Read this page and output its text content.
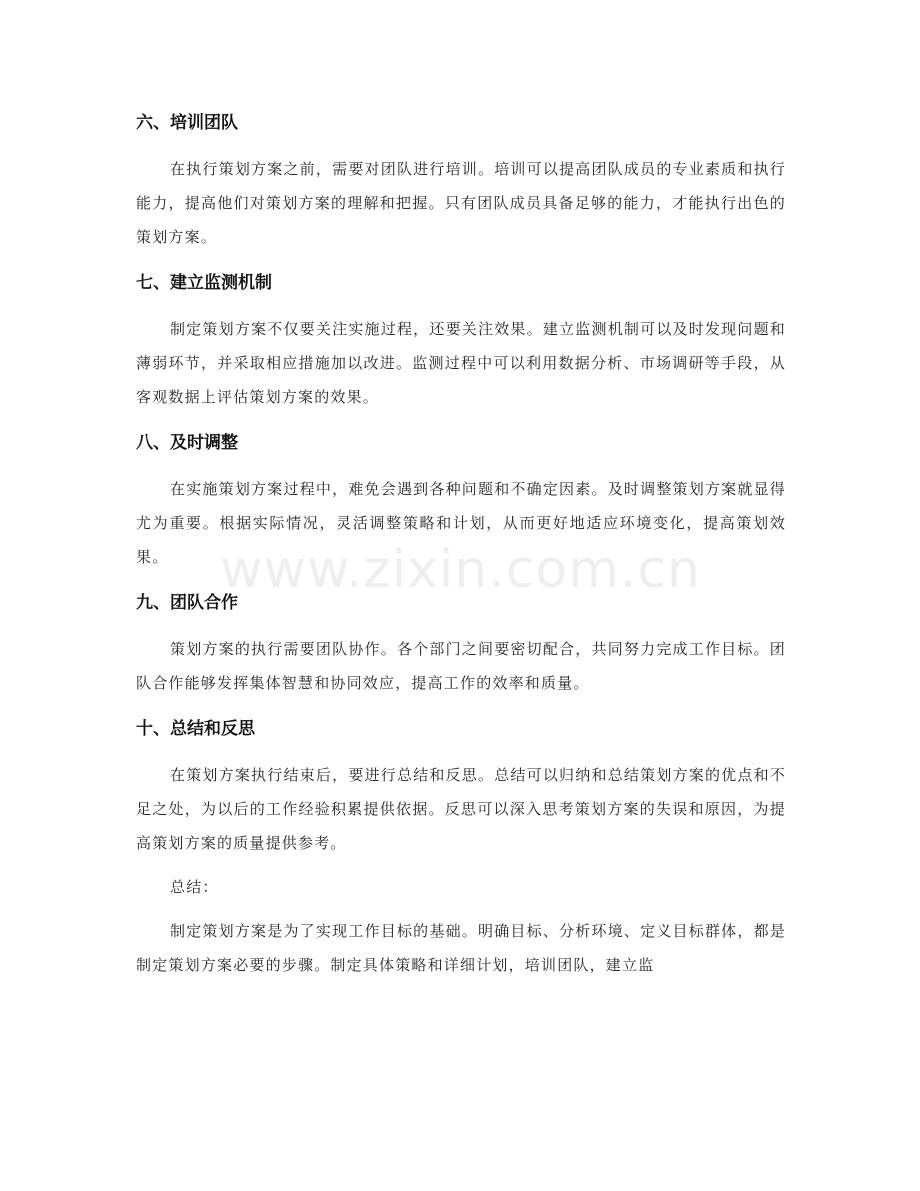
www.zixin.com.cn
六、培训团队

在执行策划方案之前，需要对团队进行培训。培训可以提高团队成员的专业素质和执行能力，提高他们对策划方案的理解和把握。只有团队成员具备足够的能力，才能执行出色的策划方案。

七、建立监测机制

制定策划方案不仅要关注实施过程，还要关注效果。建立监测机制可以及时发现问题和薄弱环节，并采取相应措施加以改进。监测过程中可以利用数据分析、市场调研等手段，从客观数据上评估策划方案的效果。

八、及时调整

在实施策划方案过程中，难免会遇到各种问题和不确定因素。及时调整策划方案就显得尤为重要。根据实际情况，灵活调整策略和计划，从而更好地适应环境变化，提高策划效果。

九、团队合作

策划方案的执行需要团队协作。各个部门之间要密切配合，共同努力完成工作目标。团队合作能够发挥集体智慧和协同效应，提高工作的效率和质量。

十、总结和反思

在策划方案执行结束后，要进行总结和反思。总结可以归纳和总结策划方案的优点和不足之处，为以后的工作经验积累提供依据。反思可以深入思考策划方案的失误和原因，为提高策划方案的质量提供参考。

总结：

制定策划方案是为了实现工作目标的基础。明确目标、分析环境、定义目标群体，都是制定策划方案必要的步骤。制定具体策略和详细计划，培训团队，建立监
